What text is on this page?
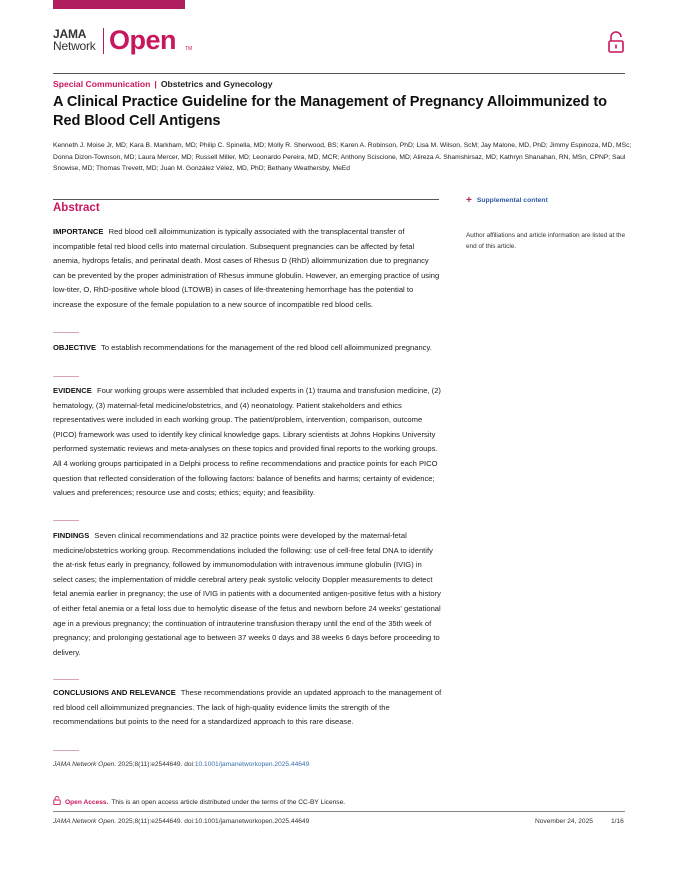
JAMA
Network Open TM
Special Communication | Obstetrics and Gynecology
A Clinical Practice Guideline for the Management of Pregnancy Alloimmunized to Red Blood Cell Antigens
Kenneth J. Moise Jr, MD; Kara B. Markham, MD; Philip C. Spinella, MD; Molly R. Sherwood, BS; Karen A. Robinson, PhD; Lisa M. Wilson, ScM; Jay Malone, MD, PhD; Jimmy Espinoza, MD, MSc; Donna Dizon-Townson, MD; Laura Mercer, MD; Russell Miller, MD; Leonardo Pereira, MD, MCR; Anthony Sciscione, MD; Alireza A. Shamshirsaz, MD; Kathryn Shanahan, RN, MSn, CPNP; Saul Snowise, MD; Thomas Trevett, MD; Juan M. González Vélez, MD, PhD; Bethany Weathersby, MeEd
Abstract

IMPORTANCE Red blood cell alloimmunization is typically associated with the transplacental transfer of incompatible fetal red blood cells into maternal circulation. Subsequent pregnancies can be affected by fetal anemia, hydrops fetalis, and perinatal death. Most cases of Rhesus D (RhD) alloimmunization due to pregnancy can be prevented by the proper administration of Rhesus immune globulin. However, an emerging practice of using low-titer, O, RhD-positive whole blood (LTOWB) in cases of life-threatening hemorrhage has the potential to increase the exposure of the female population to a new source of incompatible red blood cells.

OBJECTIVE To establish recommendations for the management of the red blood cell alloimmunized pregnancy.

EVIDENCE Four working groups were assembled that included experts in (1) trauma and transfusion medicine, (2) hematology, (3) maternal-fetal medicine/obstetrics, and (4) neonatology. Patient stakeholders and ethics representatives were included in each working group. The patient/problem, intervention, comparison, outcome (PICO) framework was used to identify key clinical knowledge gaps. Library scientists at Johns Hopkins University performed systematic reviews and meta-analyses on these topics and provided final reports to the working groups. All 4 working groups participated in a Delphi process to refine recommendations and practice points for each PICO question that reflected consideration of the following factors: balance of benefits and harms; certainty of evidence; values and preferences; resource use and costs; ethics; equity; and feasibility.

FINDINGS Seven clinical recommendations and 32 practice points were developed by the maternal-fetal medicine/obstetrics working group. Recommendations included the following: use of cell-free fetal DNA to identify the at-risk fetus early in pregnancy, followed by immunomodulation with intravenous immune globulin (IVIG) in select cases; the implementation of middle cerebral artery peak systolic velocity Doppler measurements to detect fetal anemia earlier in pregnancy; the use of IVIG in patients with a documented antigen-positive fetus with a history of either fetal anemia or a fetal loss due to hemolytic disease of the fetus and newborn before 24 weeks' gestational age in a previous pregnancy; the continuation of intrauterine transfusion therapy until the end of the 35th week of pregnancy; and prolonging gestational age to between 37 weeks 0 days and 38 weeks 6 days before proceeding to delivery.

CONCLUSIONS AND RELEVANCE These recommendations provide an updated approach to the management of red blood cell alloimmunized pregnancies. The lack of high-quality evidence limits the strength of the recommendations but points to the need for a standardized approach to this rare disease.

JAMA Network Open. 2025;8(11):e2544649. doi:10.1001/jamanetworkopen.2025.44649
+ Supplemental content
Author affiliations and article information are listed at the end of this article.
Open Access. This is an open access article distributed under the terms of the CC-BY License.
JAMA Network Open. 2025;8(11):e2544649. doi:10.1001/jamanetworkopen.2025.44649	November 24, 2025	1/16
